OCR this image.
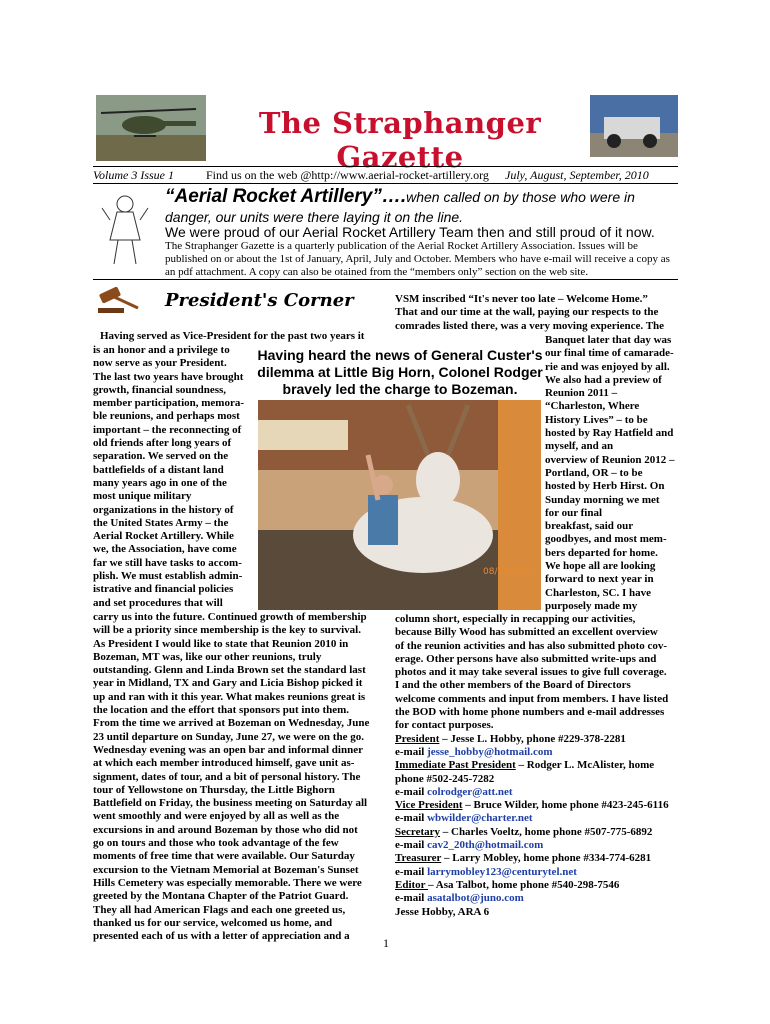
The Straphanger Gazette
Volume 3 Issue 1	Find us on the web @http://www.aerial-rocket-artillery.org July, August, September, 2010
“Aerial Rocket Artillery”….when called on by those who were in
danger, our units were there laying it on the line.
We were proud of our Aerial Rocket Artillery Team then and still proud of it now.
The Straphanger Gazette is a quarterly publication of the Aerial Rocket Artillery Association. Issues will be published on or about the 1st of January, April, July and October. Members who have e-mail will receive a copy as an pdf attachment. A copy can also be otained from the “members only” section on the web site.
President's Corner	VSM inscribed “It's never too late – Welcome Home.”
That and our time at the wall, paying our respects to the
comrades listed there, was a very moving experience. The
Having served as Vice-President for the past two years it
is an honor and a privilege to
now serve as your President.
The last two years have brought
growth, financial soundness,
member participation, memora-
ble reunions, and perhaps most
important – the reconnecting of
old friends after long years of
separation. We served on the
battlefields of a distant land
many years ago in one of the
most unique military
organizations in the history of
the United States Army – the
Aerial Rocket Artillery. While
we, the Association, have come
far we still have tasks to accom-
plish. We must establish admin-
istrative and financial policies
and set procedures that will
Having heard the news of General Custer's dilemma at Little Big Horn, Colonel Rodger bravely led the charge to Bozeman.
08/20/2010
Banquet later that day was
our final time of camarade-
rie and was enjoyed by all.
We also had a preview of
Reunion 2011 –
“Charleston, Where
History Lives” – to be
hosted by Ray Hatfield and
myself, and an
overview of Reunion 2012 –
Portland, OR – to be
hosted by Herb Hirst. On
Sunday morning we met
for our final
breakfast, said our
goodbyes, and most mem-
bers departed for home.
We hope all are looking
forward to next year in
Charleston, SC. I have
purposely made my
carry us into the future. Continued growth of membership
will be a priority since membership is the key to survival.
As President I would like to state that Reunion 2010 in
Bozeman, MT was, like our other reunions, truly
outstanding. Glenn and Linda Brown set the standard last
year in Midland, TX and Gary and Licia Bishop picked it
up and ran with it this year. What makes reunions great is
the location and the effort that sponsors put into them.
From the time we arrived at Bozeman on Wednesday, June
23 until departure on Sunday, June 27, we were on the go.
Wednesday evening was an open bar and informal dinner
at which each member introduced himself, gave unit as-
signment, dates of tour, and a bit of personal history. The
tour of Yellowstone on Thursday, the Little Bighorn
Battlefield on Friday, the business meeting on Saturday all
went smoothly and were enjoyed by all as well as the
excursions in and around Bozeman by those who did not
go on tours and those who took advantage of the few
moments of free time that were available. Our Saturday
excursion to the Vietnam Memorial at Bozeman's Sunset
Hills Cemetery was especially memorable. There we were
greeted by the Montana Chapter of the Patriot Guard.
They all had American Flags and each one greeted us,
thanked us for our service, welcomed us home, and
presented each of us with a letter of appreciation and a
column short, especially in recapping our activities,
because Billy Wood has submitted an excellent overview
of the reunion activities and has also submitted photo cov-
erage. Other persons have also submitted write-ups and
photos and it may take several issues to give full coverage.
I and the other members of the Board of Directors
welcome comments and input from members. I have listed
the BOD with home phone numbers and e-mail addresses
for contact purposes.
President – Jesse L. Hobby, phone #229-378-2281
e-mail jesse_hobby@hotmail.com
Immediate Past President – Rodger L. McAlister, home phone #502-245-7282
e-mail colrodger@att.net
Vice President – Bruce Wilder, home phone #423-245-6116
e-mail wbwilder@charter.net
Secretary – Charles Voeltz, home phone #507-775-6892
e-mail cav2_20th@hotmail.com
Treasurer – Larry Mobley, home phone #334-774-6281
e-mail larrymobley123@centurytel.net
Editor – Asa Talbot, home phone #540-298-7546
e-mail asatalbot@juno.com
Jesse Hobby, ARA 6
1
